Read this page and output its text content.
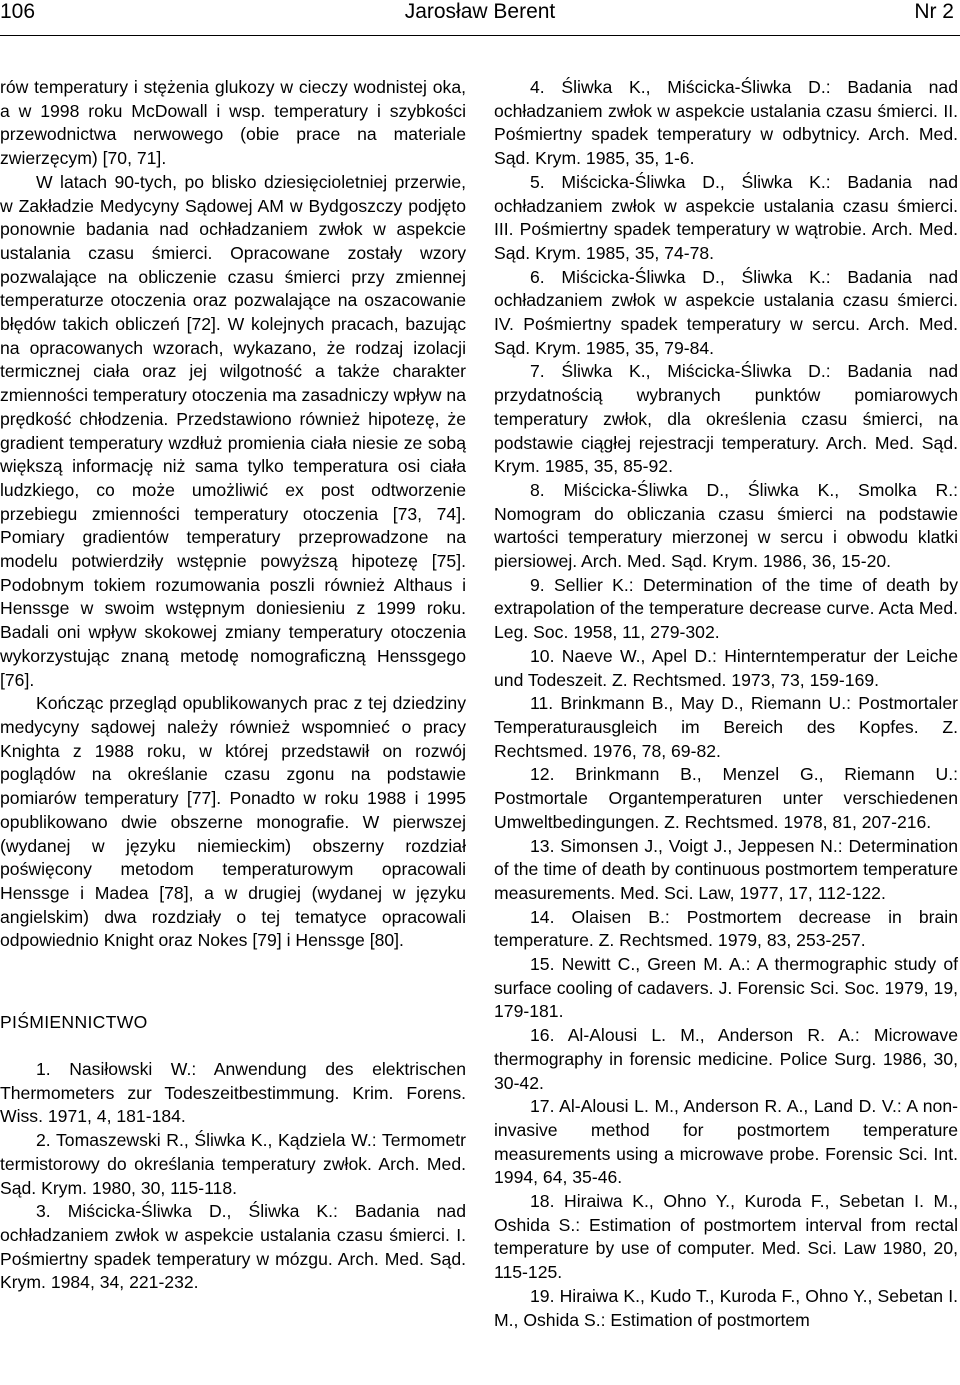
106	Jarosław Berent	Nr 2

rów temperatury i stężenia glukozy w cieczy wodnistej oka, a w 1998 roku McDowall i wsp. temperatury i szybkości przewodnictwa nerwowego (obie prace na materiale zwierzęcym) [70, 71].

W latach 90-tych, po blisko dziesięcioletniej przerwie, w Zakładzie Medycyny Sądowej AM w Bydgoszczy podjęto ponownie badania nad ochładzaniem zwłok w aspekcie ustalania czasu śmierci. Opracowane zostały wzory pozwalające na obliczenie czasu śmierci przy zmiennej temperaturze otoczenia oraz pozwalające na oszacowanie błędów takich obliczeń [72]. W kolejnych pracach, bazując na opracowanych wzorach, wykazano, że rodzaj izolacji termicznej ciała oraz jej wilgotność a także charakter zmienności temperatury otoczenia ma zasadniczy wpływ na prędkość chłodzenia. Przedstawiono również hipotezę, że gradient temperatury wzdłuż promienia ciała niesie ze sobą większą informację niż sama tylko temperatura osi ciała ludzkiego, co może umożliwić ex post odtworzenie przebiegu zmienności temperatury otoczenia [73, 74]. Pomiary gradientów temperatury przeprowadzone na modelu potwierdziły wstępnie powyższą hipotezę [75]. Podobnym tokiem rozumowania poszli również Althaus i Henssge w swoim wstępnym doniesieniu z 1999 roku. Badali oni wpływ skokowej zmiany temperatury otoczenia wykorzystując znaną metodę nomograficzną Henssgego [76].

Kończąc przegląd opublikowanych prac z tej dziedziny medycyny sądowej należy również wspomnieć o pracy Knighta z 1988 roku, w której przedstawił on rozwój poglądów na określanie czasu zgonu na podstawie pomiarów temperatury [77]. Ponadto w roku 1988 i 1995 opublikowano dwie obszerne monografie. W pierwszej (wydanej w języku niemieckim) obszerny rozdział poświęcony metodom temperaturowym opracowali Henssge i Madea [78], a w drugiej (wydanej w języku angielskim) dwa rozdziały o tej tematyce opracowali odpowiednio Knight oraz Nokes [79] i Henssge [80].

PIŚMIENNICTWO

1. Nasiłowski W.: Anwendung des elektrischen Thermometers zur Todeszeitbestimmung. Krim. Forens. Wiss. 1971, 4, 181-184.

2. Tomaszewski R., Śliwka K., Kądziela W.: Termometr termistorowy do określania temperatury zwłok. Arch. Med. Sąd. Krym. 1980, 30, 115-118.

3. Miścicka-Śliwka D., Śliwka K.: Badania nad ochładzaniem zwłok w aspekcie ustalania czasu śmierci. I. Pośmiertny spadek temperatury w mózgu. Arch. Med. Sąd. Krym. 1984, 34, 221-232.

4. Śliwka K., Miścicka-Śliwka D.: Badania nad ochładzaniem zwłok w aspekcie ustalania czasu śmierci. II. Pośmiertny spadek temperatury w odbytnicy. Arch. Med. Sąd. Krym. 1985, 35, 1-6.

5. Miścicka-Śliwka D., Śliwka K.: Badania nad ochładzaniem zwłok w aspekcie ustalania czasu śmierci. III. Pośmiertny spadek temperatury w wątrobie. Arch. Med. Sąd. Krym. 1985, 35, 74-78.

6. Miścicka-Śliwka D., Śliwka K.: Badania nad ochładzaniem zwłok w aspekcie ustalania czasu śmierci. IV. Pośmiertny spadek temperatury w sercu. Arch. Med. Sąd. Krym. 1985, 35, 79-84.

7. Śliwka K., Miścicka-Śliwka D.: Badania nad przydatnością wybranych punktów pomiarowych temperatury zwłok, dla określenia czasu śmierci, na podstawie ciągłej rejestracji temperatury. Arch. Med. Sąd. Krym. 1985, 35, 85-92.

8. Miścicka-Śliwka D., Śliwka K., Smolka R.: Nomogram do obliczania czasu śmierci na podstawie wartości temperatury mierzonej w sercu i obwodu klatki piersiowej. Arch. Med. Sąd. Krym. 1986, 36, 15-20.

9. Sellier K.: Determination of the time of death by extrapolation of the temperature decrease curve. Acta Med. Leg. Soc. 1958, 11, 279-302.

10. Naeve W., Apel D.: Hinterntemperatur der Leiche und Todeszeit. Z. Rechtsmed. 1973, 73, 159-169.

11. Brinkmann B., May D., Riemann U.: Postmortaler Temperaturausgleich im Bereich des Kopfes. Z. Rechtsmed. 1976, 78, 69-82.

12. Brinkmann B., Menzel G., Riemann U.: Postmortale Organtemperaturen unter verschiedenen Umweltbedingungen. Z. Rechtsmed. 1978, 81, 207-216.

13. Simonsen J., Voigt J., Jeppesen N.: Determination of the time of death by continuous postmortem temperature measurements. Med. Sci. Law, 1977, 17, 112-122.

14. Olaisen B.: Postmortem decrease in brain temperature. Z. Rechtsmed. 1979, 83, 253-257.

15. Newitt C., Green M. A.: A thermographic study of surface cooling of cadavers. J. Forensic Sci. Soc. 1979, 19, 179-181.

16. Al-Alousi L. M., Anderson R. A.: Microwave thermography in forensic medicine. Police Surg. 1986, 30, 30-42.

17. Al-Alousi L. M., Anderson R. A., Land D. V.: A non-invasive method for postmortem temperature measurements using a microwave probe. Forensic Sci. Int. 1994, 64, 35-46.

18. Hiraiwa K., Ohno Y., Kuroda F., Sebetan I. M., Oshida S.: Estimation of postmortem interval from rectal temperature by use of computer. Med. Sci. Law 1980, 20, 115-125.

19. Hiraiwa K., Kudo T., Kuroda F., Ohno Y., Sebetan I. M., Oshida S.: Estimation of postmortem
